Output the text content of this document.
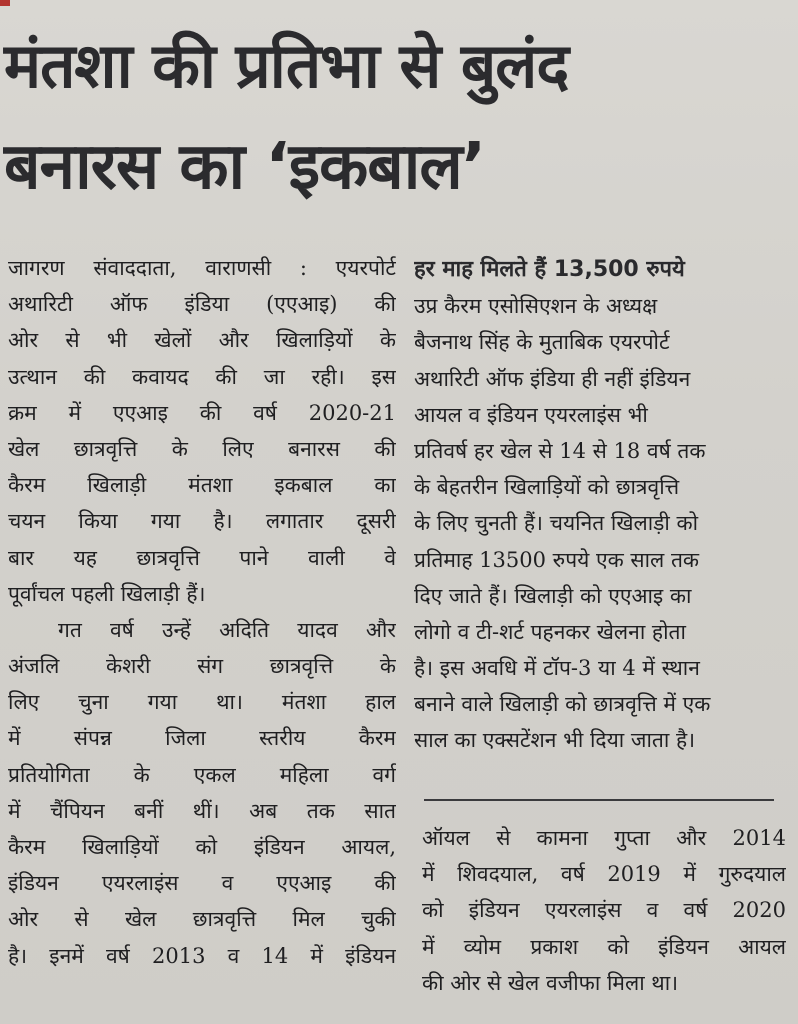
मंतशा की प्रतिभा से बुलंद
बनारस का ‘इकबाल’
जागरण संवाददाता, वाराणसी : एयरपोर्ट
अथारिटी ऑफ इंडिया (एएआइ) की
ओर से भी खेलों और खिलाड़ियों के
उत्थान की कवायद की जा रही। इस
क्रम में एएआइ की वर्ष 2020-21
खेल छात्रवृत्ति के लिए बनारस की
कैरम खिलाड़ी मंतशा इकबाल का
चयन किया गया है। लगातार दूसरी
बार यह छात्रवृत्ति पाने वाली वे
पूर्वांचल पहली खिलाड़ी हैं।
गत वर्ष उन्हें अदिति यादव और
अंजलि केशरी संग छात्रवृत्ति के
लिए चुना गया था। मंतशा हाल
में संपन्न जिला स्तरीय कैरम
प्रतियोगिता के एकल महिला वर्ग
में चैंपियन बनीं थीं। अब तक सात
कैरम खिलाड़ियों को इंडियन आयल,
इंडियन एयरलाइंस व एएआइ की
ओर से खेल छात्रवृत्ति मिल चुकी
है। इनमें वर्ष 2013 व 14 में इंडियन
हर माह मिलते हैं 13,500 रुपये
उप्र कैरम एसोसिएशन के अध्यक्ष
बैजनाथ सिंह के मुताबिक एयरपोर्ट
अथारिटी ऑफ इंडिया ही नहीं इंडियन
आयल व इंडियन एयरलाइंस भी
प्रतिवर्ष हर खेल से 14 से 18 वर्ष तक
के बेहतरीन खिलाड़ियों को छात्रवृत्ति
के लिए चुनती हैं। चयनित खिलाड़ी को
प्रतिमाह 13500 रुपये एक साल तक
दिए जाते हैं। खिलाड़ी को एएआइ का
लोगो व टी-शर्ट पहनकर खेलना होता
है। इस अवधि में टॉप-3 या 4 में स्थान
बनाने वाले खिलाड़ी को छात्रवृत्ति में एक
साल का एक्सटेंशन भी दिया जाता है।
ऑयल से कामना गुप्ता और 2014
में शिवदयाल, वर्ष 2019 में गुरुदयाल
को इंडियन एयरलाइंस व वर्ष 2020
में व्योम प्रकाश को इंडियन आयल
की ओर से खेल वजीफा मिला था।
